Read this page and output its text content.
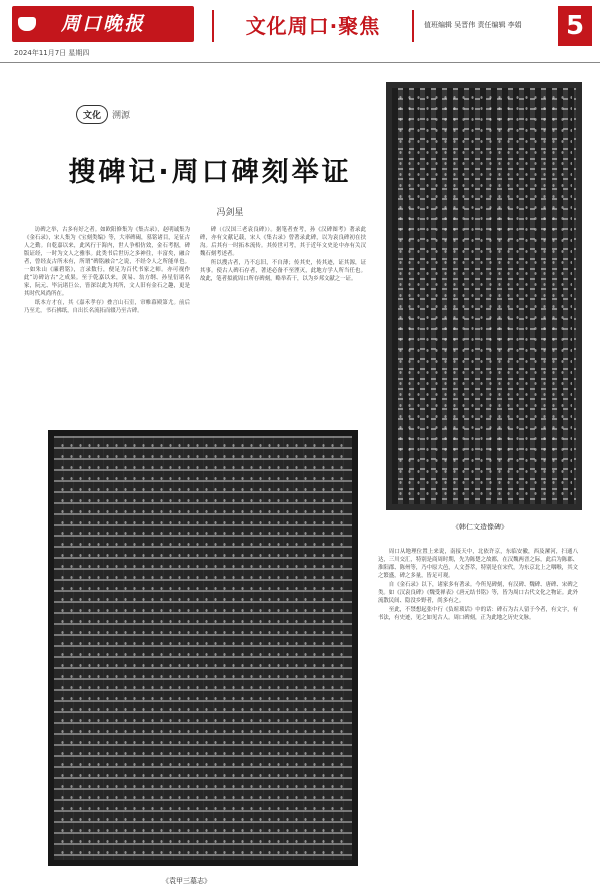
周口晚报
2024年11月7日 星期四
文化周口·聚焦	值班编辑 吴晋伟 责任编辑 李娟	5
文化	溯源
搜碑记·周口碑刻举证
冯剑星

访碑之举，古多有好之者。如欧阳修集为《集古录》，赵明诚集为《金石录》，宋人集为《宝刻类编》等，大率碑碣，墓铭诸目，足征古人之勤。自乾嘉以来，此风行于海内，世人争相仿效，金石考据，碑版证经，一时为文人之雅事。此类书后世历之多神往，丰富矣，融合者，曾经友古所未有，所谓“碑铭融合”之说，不经令人之所能单也。一如朱山《廉碧铭》，言录数行，便足为百代书家之师。亦可视作此“访碑访古”之成果。至于乾嘉以来，黄易、翁方纲、孙星衍诸名家，阮元、毕沅诸巨公，皆深以此为其所，文人旧有金石之趣，更是其时代风尚所在。

纸本方才在，其《嘉禾孝存》叠言山石室，帘帷幕殿第尤。前后乃至尤，书石拂纸，自出长名流拓而辍乃至古碑。

碑（《汉国三老袁良碑》）。据笔者查考，孙《汉碑图考》著录此碑，亦有文献记载，宋人《集古录》曾著录此碑，以为袁良碑初在扶沟。后其有一时拓本流传。其传世可考，其于近年文史论中亦有关汉魏石刻考述者。

所以搜古者，乃不忘旧，不自薄；传其史，传其迹，证其源，证其事。使古人碑石存者，著述必备不至湮灭，此地方学人所当任也。故此，笔者拟就周口所存碑刻，略举若干，以为乡邦文献之一证。

《韩仁文造像碑》
《袁甲三墓志》

周口从地理位置上来说，南接天中，北依许京，东临安徽，西及漯河，扫通八达，三川交汇，特别是商周时期，先为陈楚之故都，在汉魏两晋之际，此后为陈郡、淮阳郡、陈州等，乃中原大邑，人文荟萃，特别是在宋代，为东京北上之咽喉，其文之繁盛，碑之多量，皆足可观。

自《金石录》以下，诸家多有著录。今所见碑刻，有汉碑、魏碑、唐碑、宋碑之类。如《汉袁良碑》《魏受禅表》《唐元结书铭》等，皆为周口古代文化之物证。此外流散民间、隐没乡野者，尚多有之。

至此，不禁想起张中行《负暄琐话》中的话：碑石为古人留于今者，有文字，有书法，有史迹，见之如见古人。周口碑刻，正为此地之历史文脉。
